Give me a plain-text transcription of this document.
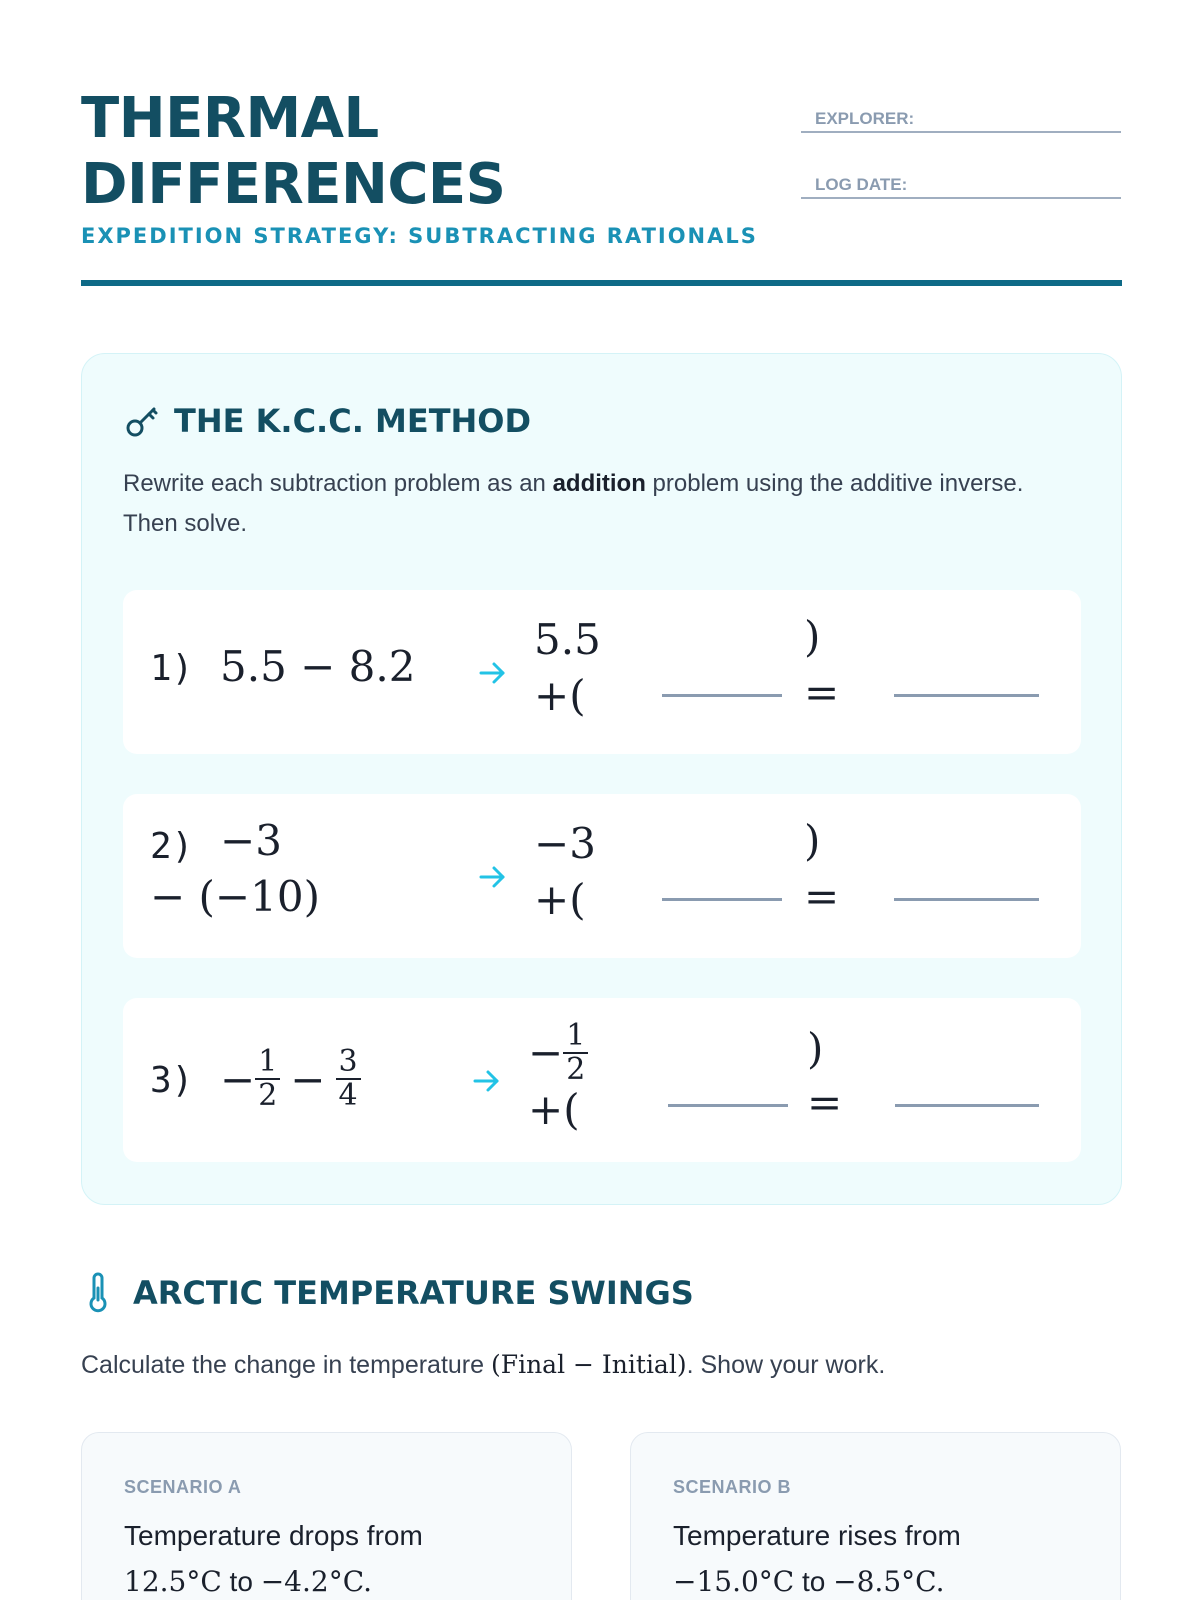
THERMAL
DIFFERENCES
EXPEDITION STRATEGY: SUBTRACTING RATIONALS
EXPLORER:
LOG DATE:
THE K.C.C. METHOD
Rewrite each subtraction problem as an addition problem using the additive inverse. Then solve.
1) 5.5 − 8.2
5.5
+(
)
=
2) −3
− (−10)
−3
+(
)
=
$3) - \frac{1}{2} - \frac{3}{4}$	− $\frac{1}{2}$
+(
)
=
ARCTIC TEMPERATURE SWINGS
Calculate the change in temperature (Final − Initial). Show your work.
SCENARIO A
Temperature drops from
12.5°C to −4.2°C.
SCENARIO B
Temperature rises from
−15.0°C to −8.5°C.
